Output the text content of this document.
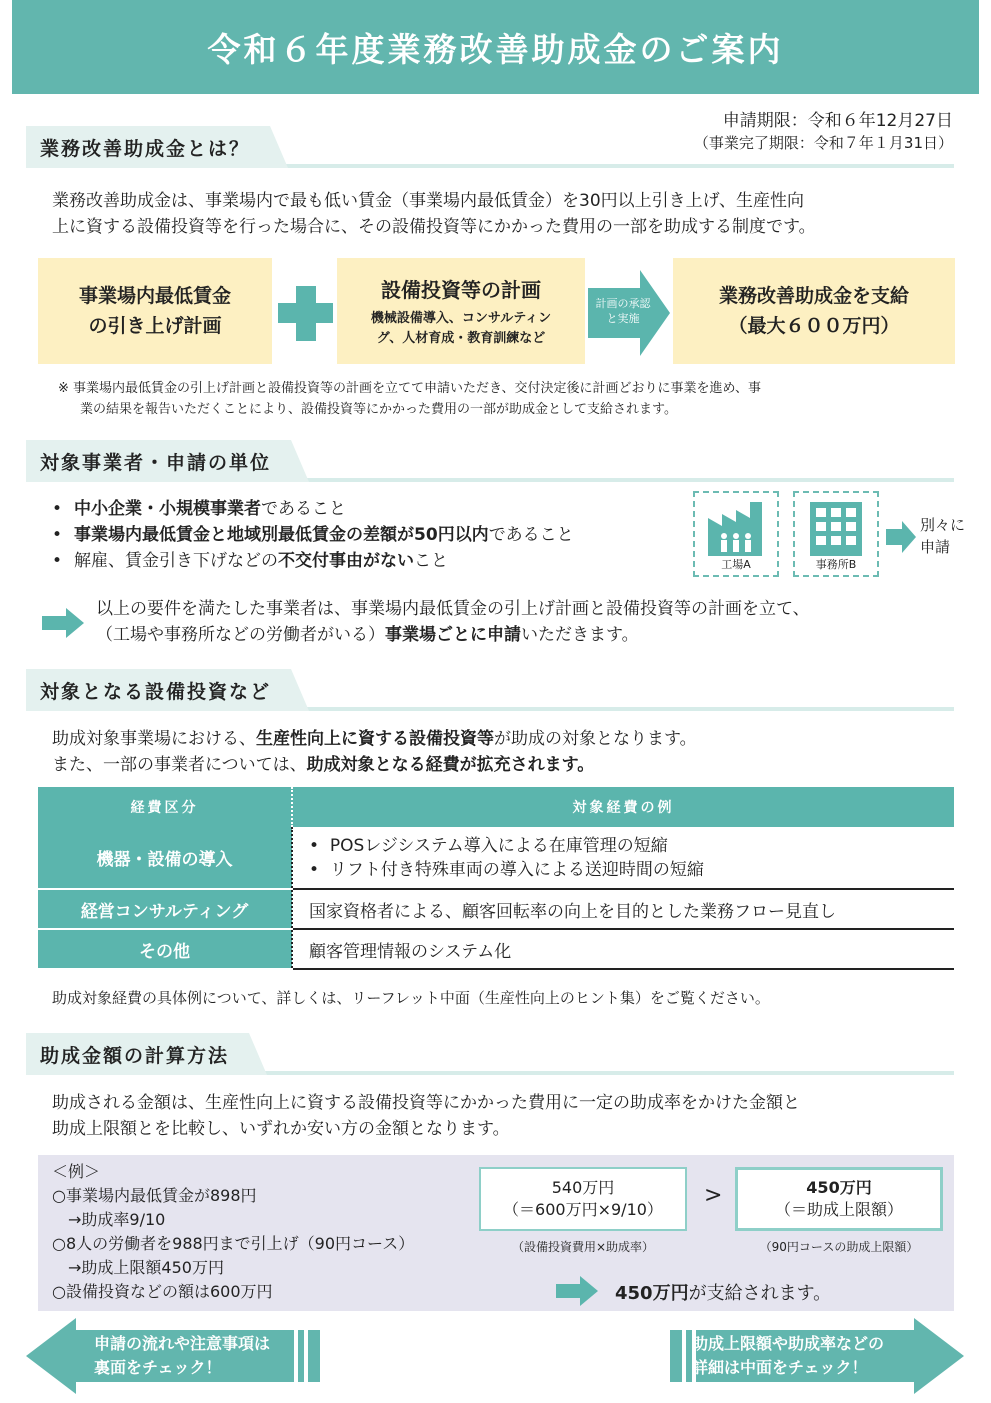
令和６年度業務改善助成金のご案内
申請期限：令和６年12月27日
（事業完了期限：令和７年１月31日）
業務改善助成金とは？
業務改善助成金は、事業場内で最も低い賃金（事業場内最低賃金）を30円以上引き上げ、生産性向
上に資する設備投資等を行った場合に、その設備投資等にかかった費用の一部を助成する制度です。
事業場内最低賃金
の引き上げ計画
設備投資等の計画
機械設備導入、コンサルティン
グ、人材育成・教育訓練など
計画の承認
と実施
業務改善助成金を支給
（最大６００万円）
※ 事業場内最低賃金の引上げ計画と設備投資等の計画を立てて申請いただき、交付決定後に計画どおりに事業を進め、事
業の結果を報告いただくことにより、設備投資等にかかった費用の一部が助成金として支給されます。
対象事業者・申請の単位
• 中小企業・小規模事業者であること
• 事業場内最低賃金と地域別最低賃金の差額が50円以内であること
• 解雇、賃金引き下げなどの不交付事由がないこと	工場A	事務所B
別々に
申請
以上の要件を満たした事業者は、事業場内最低賃金の引上げ計画と設備投資等の計画を立て、
（工場や事務所などの労働者がいる）事業場ごとに申請いただきます。
対象となる設備投資など
助成対象事業場における、生産性向上に資する設備投資等が助成の対象となります。
また、一部の事業者については、助成対象となる経費が拡充されます。
経費区分	対象経費の例
機器・設備の導入	•  POSレジシステム導入による在庫管理の短縮
•  リフト付き特殊車両の導入による送迎時間の短縮

経営コンサルティング	国家資格者による、顧客回転率の向上を目的とした業務フロー見直し
その他	顧客管理情報のシステム化
助成対象経費の具体例について、詳しくは、リーフレット中面（生産性向上のヒント集）をご覧ください。
助成金額の計算方法
助成される金額は、生産性向上に資する設備投資等にかかった費用に一定の助成率をかけた金額と
助成上限額とを比較し、いずれか安い方の金額となります。
＜例＞
○事業場内最低賃金が898円
→助成率9/10
○8人の労働者を988円まで引上げ（90円コース）
→助成上限額450万円
○設備投資などの額は600万円
540万円
（＝600万円×9/10）
（設備投資費用×助成率）
>	450万円
（＝助成上限額）
（90円コースの助成上限額）
450万円が支給されます。
申請の流れや注意事項は
裏面をチェック！
助成上限額や助成率などの
詳細は中面をチェック！
